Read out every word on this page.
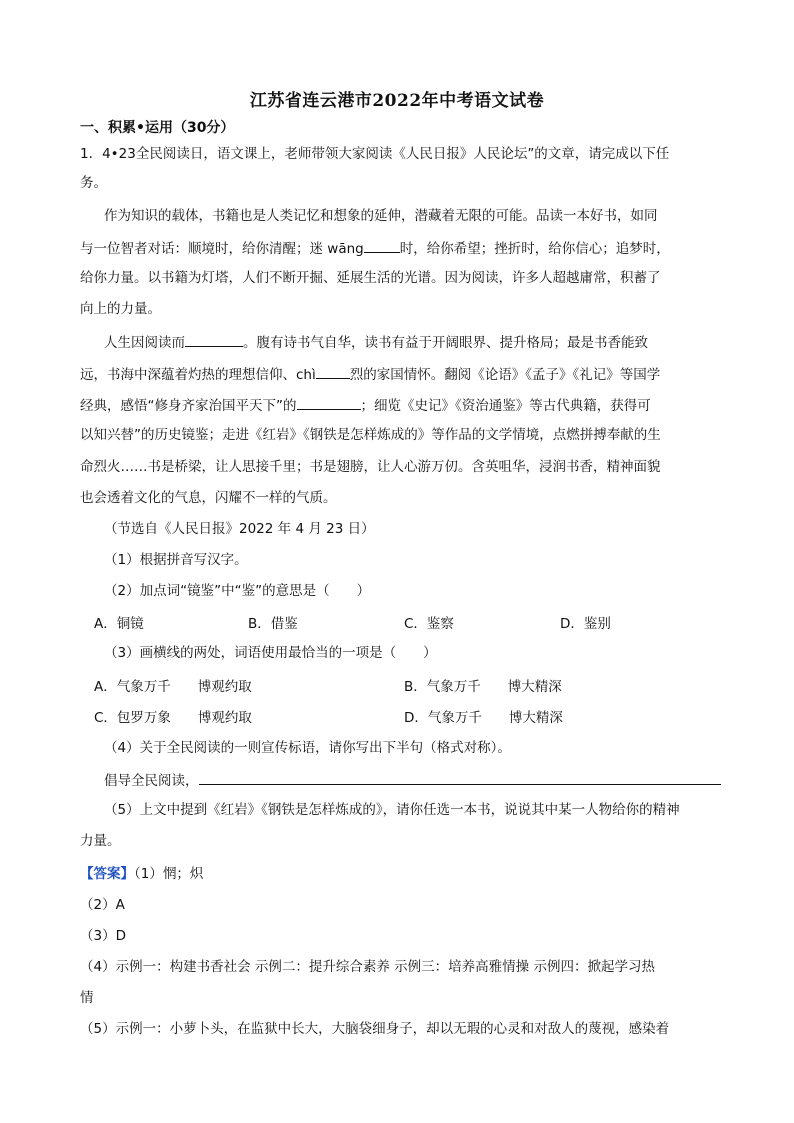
江苏省连云港市2022年中考语文试卷
一、积累•运用（30分）
1．4•23全民阅读日，语文课上，老师带领大家阅读《人民日报》人民论坛”的文章，请完成以下任
务。
作为知识的载体，书籍也是人类记忆和想象的延伸，潜藏着无限的可能。品读一本好书，如同
与一位智者对话：顺境时，给你清醒；迷 wāng	时，给你希望；挫折时，给你信心；追梦时，
给你力量。以书籍为灯塔，人们不断开掘、延展生活的光谱。因为阅读，许多人超越庸常，积蓄了
向上的力量。
人生因阅读而	。腹有诗书气自华，读书有益于开阔眼界、提升格局；最是书香能致
远，书海中深蕴着灼热的理想信仰、chì	烈的家国情怀。翻阅《论语》《孟子》《礼记》等国学
经典，感悟“修身齐家治国平天下”的	；细览《史记》《资治通鉴》等古代典籍，获得可
以知兴替”的历史镜鉴；走进《红岩》《钢铁是怎样炼成的》等作品的文学情境，点燃拼搏奉献的生
命烈火……书是桥梁，让人思接千里；书是翅膀，让人心游万仞。含英咀华，浸润书香，精神面貌
也会透着文化的气息，闪耀不一样的气质。
（节选自《人民日报》2022 年 4 月 23 日）
（1）根据拼音写汉字。
（2）加点词“镜鉴”中“鉴”的意思是（　　）
A．铜镜	B．借鉴	C．鉴察	D．鉴别
（3）画横线的两处，词语使用最恰当的一项是（　　）
A．气象万千　　博观约取	B．气象万千　　博大精深
C．包罗万象　　博观约取	D．气象万千　　博大精深
（4）关于全民阅读的一则宣传标语，请你写出下半句（格式对称）。
倡导全民阅读，
（5）上文中提到《红岩》《钢铁是怎样炼成的》，请你任选一本书，说说其中某一人物给你的精神
力量。
【答案】（1）惘；炽
（2）A
（3）D
（4）示例一：构建书香社会 示例二：提升综合素养 示例三：培养高雅情操 示例四：掀起学习热
情
（5）示例一：小萝卜头，在监狱中长大，大脑袋细身子，却以无瑕的心灵和对敌人的蔑视，感染着
